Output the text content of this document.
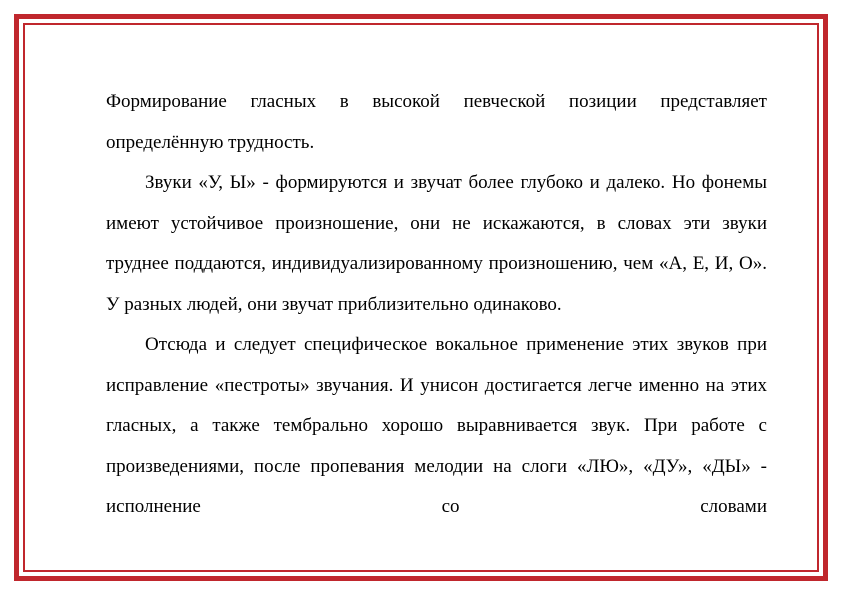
Формирование гласных в высокой певческой позиции представляет определённую трудность.

Звуки «У, Ы» - формируются и звучат более глубоко и далеко. Но фонемы имеют устойчивое произношение, они не искажаются, в словах эти звуки труднее поддаются, индивидуализированному произношению, чем «А, Е, И, О». У разных людей, они звучат приблизительно одинаково.

Отсюда и следует специфическое вокальное применение этих звуков при исправление «пестроты» звучания. И унисон достигается легче именно на этих гласных, а также тембрально хорошо выравнивается звук. При работе с произведениями, после пропевания мелодии на слоги «ЛЮ», «ДУ», «ДЫ» - исполнение со словами
